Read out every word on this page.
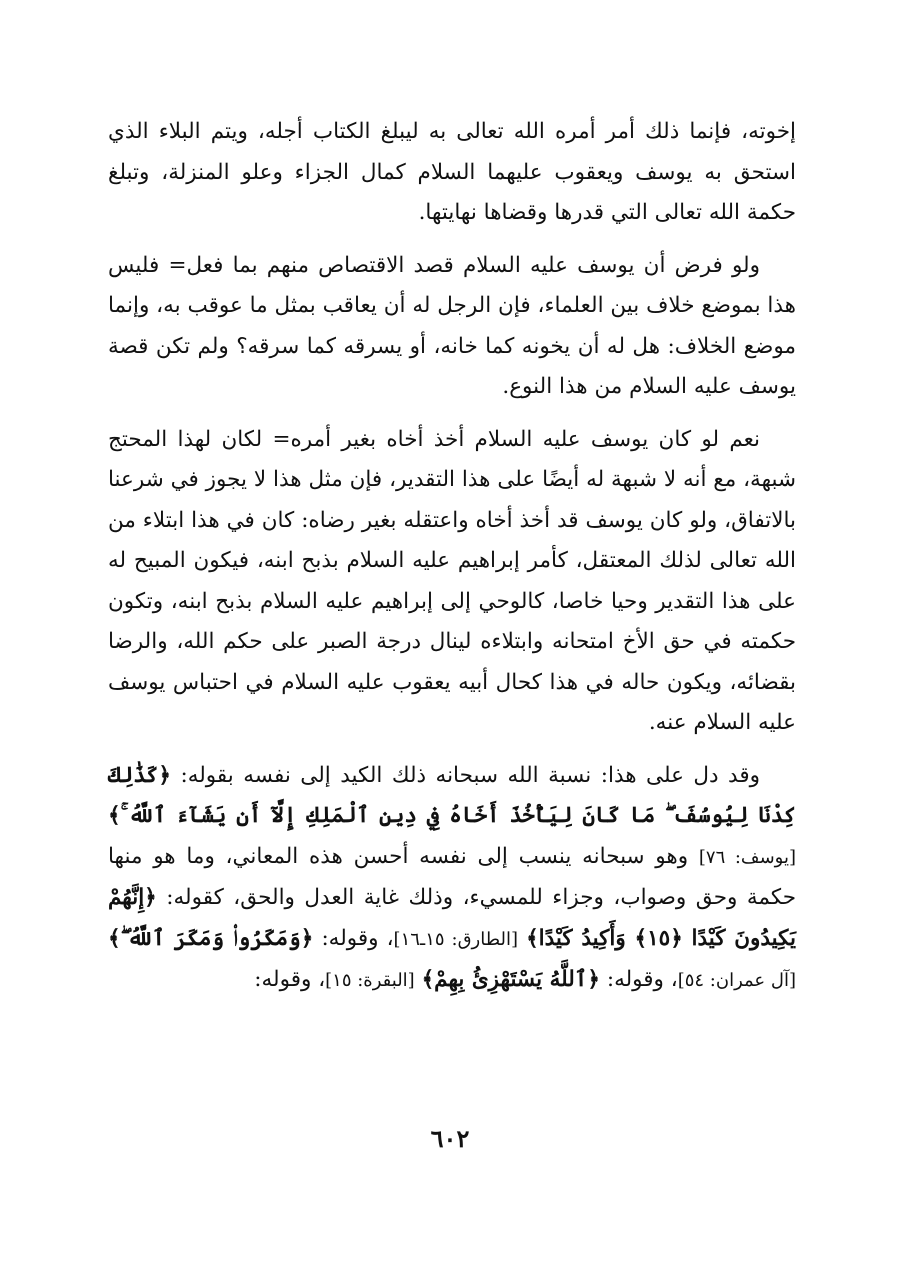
إخوته، فإنما ذلك أمر أمره الله تعالى به ليبلغ الكتاب أجله، ويتم البلاء الذي استحق به يوسف ويعقوب عليهما السلام كمال الجزاء وعلو المنزلة، وتبلغ حكمة الله تعالى التي قدرها وقضاها نهايتها.

ولو فرض أن يوسف عليه السلام قصد الاقتصاص منهم بما فعل= فليس هذا بموضع خلاف بين العلماء، فإن الرجل له أن يعاقب بمثل ما عوقب به، وإنما موضع الخلاف: هل له أن يخونه كما خانه، أو يسرقه كما سرقه؟ ولم تكن قصة يوسف عليه السلام من هذا النوع.

نعم لو كان يوسف عليه السلام أخذ أخاه بغير أمره= لكان لهذا المحتج شبهة، مع أنه لا شبهة له أيضًا على هذا التقدير، فإن مثل هذا لا يجوز في شرعنا بالاتفاق، ولو كان يوسف قد أخذ أخاه واعتقله بغير رضاه: كان في هذا ابتلاء من الله تعالى لذلك المعتقل، كأمر إبراهيم عليه السلام بذبح ابنه، فيكون المبيح له على هذا التقدير وحيا خاصا، كالوحي إلى إبراهيم عليه السلام بذبح ابنه، وتكون حكمته في حق الأخ امتحانه وابتلاءه لينال درجة الصبر على حكم الله، والرضا بقضائه، ويكون حاله في هذا كحال أبيه يعقوب عليه السلام في احتباس يوسف عليه السلام عنه.

وقد دل على هذا: نسبة الله سبحانه ذلك الكيد إلى نفسه بقوله: ﴿كَذَٰلِكَ كِدْنَا لِيُوسُفَ ۖ مَا كَانَ لِيَأْخُذَ أَخَاهُ فِي دِينِ ٱلْمَلِكِ إِلَّآ أَن يَشَآءَ ٱللَّهُ ۚ﴾ [يوسف: ٧٦] وهو سبحانه ينسب إلى نفسه أحسن هذه المعاني، وما هو منها حكمة وحق وصواب، وجزاء للمسيء، وذلك غاية العدل والحق، كقوله: ﴿إِنَّهُمْ يَكِيدُونَ كَيْدًا ﴿١٥﴾ وَأَكِيدُ كَيْدًا﴾ [الطارق: ١٥ـ١٦]، وقوله: ﴿وَمَكَرُوا۟ وَمَكَرَ ٱللَّهُ ۖ﴾ [آل عمران: ٥٤]، وقوله: ﴿ٱللَّهُ يَسْتَهْزِئُ بِهِمْ﴾ [البقرة: ١٥]، وقوله:

٦٠٢
